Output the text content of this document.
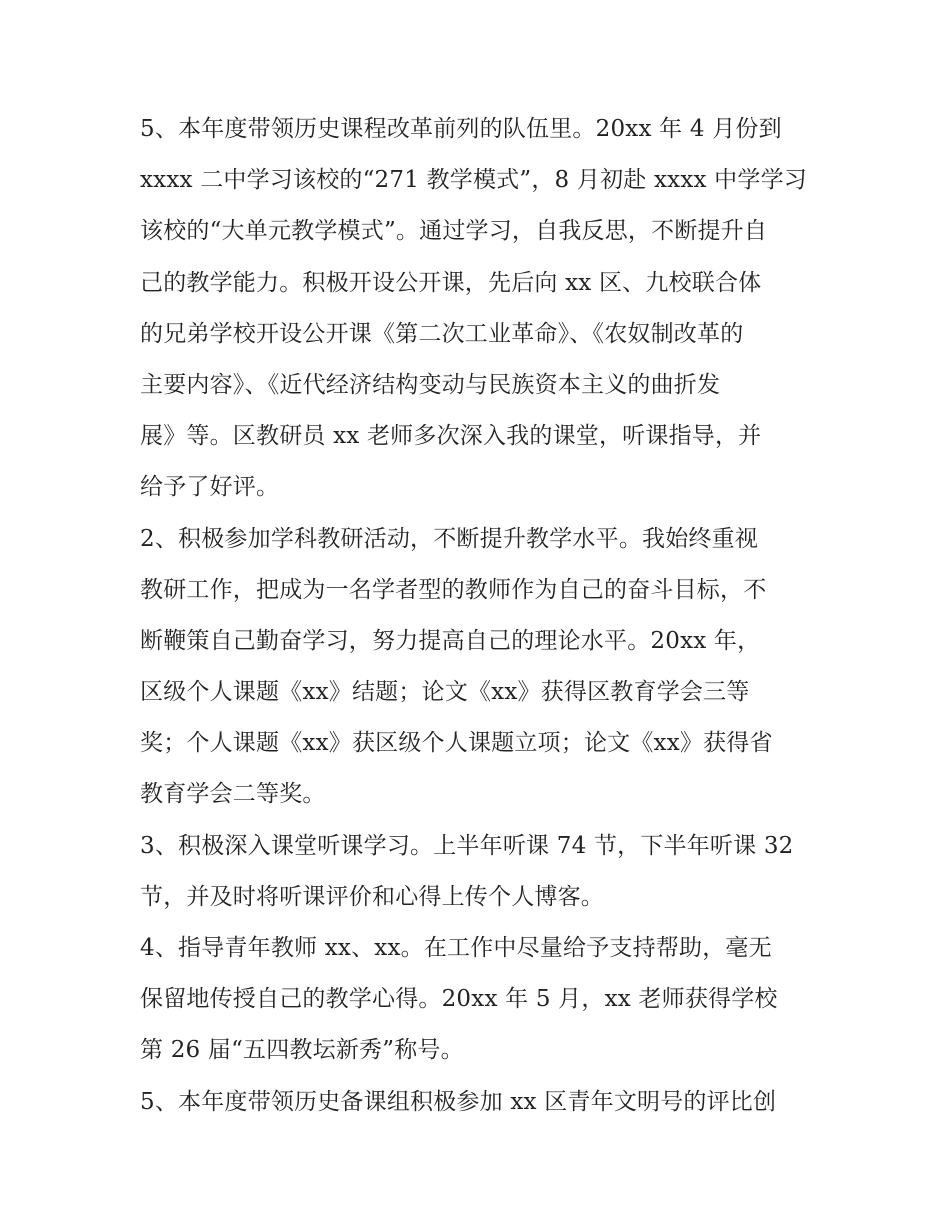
5、本年度带领历史课程改革前列的队伍里。20xx 年 4 月份到
xxxx 二中学习该校的“271 教学模式”，8 月初赴 xxxx 中学学习
该校的“大单元教学模式”。通过学习，自我反思，不断提升自
己的教学能力。积极开设公开课，先后向 xx 区、九校联合体
的兄弟学校开设公开课《第二次工业革命》、《农奴制改革的
主要内容》、《近代经济结构变动与民族资本主义的曲折发
展》等。区教研员 xx 老师多次深入我的课堂，听课指导，并
给予了好评。
2、积极参加学科教研活动，不断提升教学水平。我始终重视
教研工作，把成为一名学者型的教师作为自己的奋斗目标，不
断鞭策自己勤奋学习，努力提高自己的理论水平。20xx 年，
区级个人课题《xx》结题；论文《xx》获得区教育学会三等
奖；个人课题《xx》获区级个人课题立项；论文《xx》获得省
教育学会二等奖。
3、积极深入课堂听课学习。上半年听课 74 节，下半年听课 32
节，并及时将听课评价和心得上传个人博客。
4、指导青年教师 xx、xx。在工作中尽量给予支持帮助，毫无
保留地传授自己的教学心得。20xx 年 5 月，xx 老师获得学校
第 26 届“五四教坛新秀”称号。
5、本年度带领历史备课组积极参加 xx 区青年文明号的评比创
